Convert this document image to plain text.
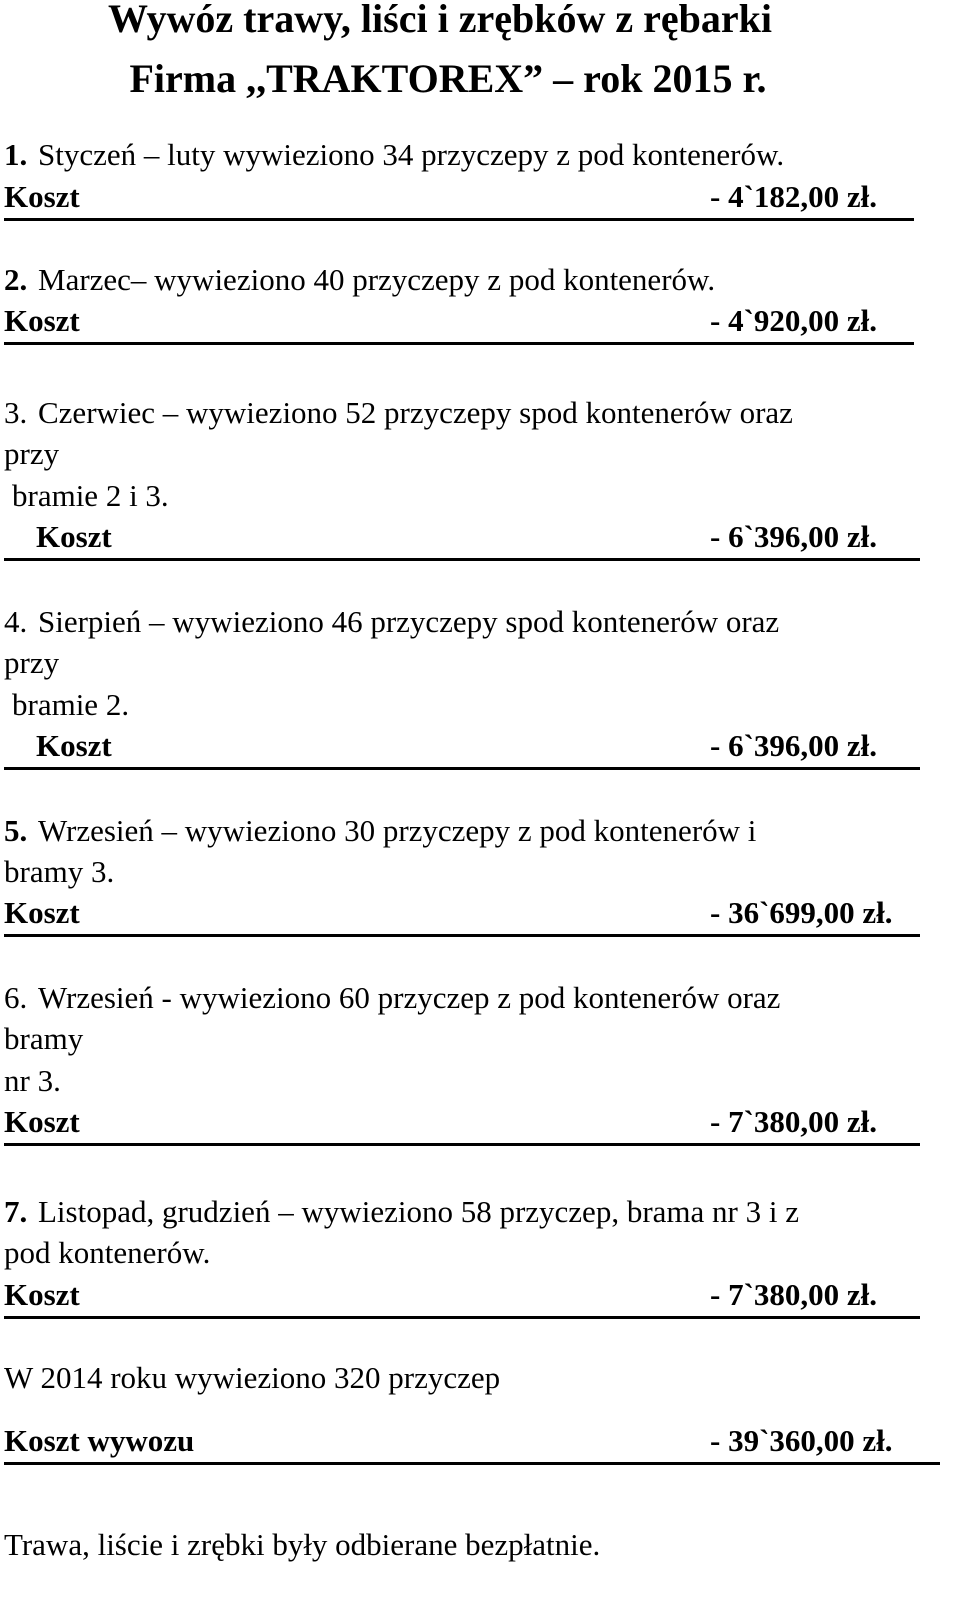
Wywóz trawy, liści i zrębków z rębarki
Firma ,,TRAKTOREX” – rok 2015 r.
1. Styczeń – luty wywieziono 34 przyczepy z pod kontenerów.
Koszt	- 4`182,00 zł.
2. Marzec– wywieziono 40 przyczepy z pod kontenerów.
Koszt	- 4`920,00 zł.
3. Czerwiec – wywieziono 52 przyczepy spod kontenerów oraz
przy
bramie 2 i 3.
Koszt	- 6`396,00 zł.
4. Sierpień – wywieziono 46 przyczepy spod kontenerów oraz
przy
bramie 2.
Koszt	- 6`396,00 zł.
5. Wrzesień – wywieziono 30 przyczepy z pod kontenerów i
bramy 3.
Koszt	- 36`699,00 zł.
6. Wrzesień - wywieziono 60 przyczep z pod kontenerów oraz
bramy
nr 3.
Koszt	- 7`380,00 zł.
7. Listopad, grudzień – wywieziono 58 przyczep, brama nr 3 i z
pod kontenerów.
Koszt	- 7`380,00 zł.
W 2014 roku wywieziono 320 przyczep
Koszt wywozu	- 39`360,00 zł.
Trawa, liście i zrębki były odbierane bezpłatnie.
